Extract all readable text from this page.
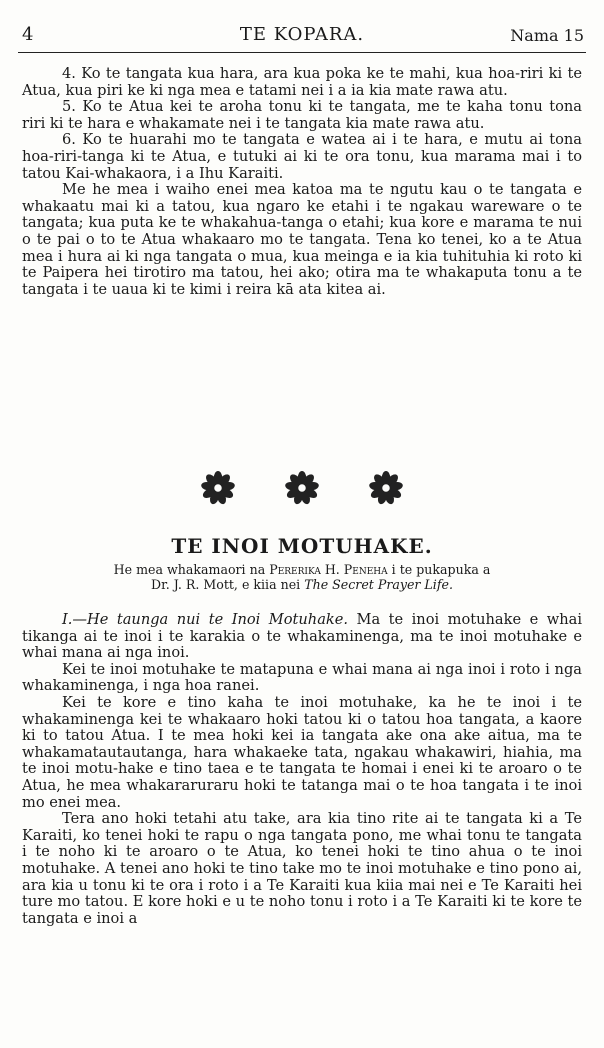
4	TE KOPARA.	Nama 15

4. Ko te tangata kua hara, ara kua poka ke te mahi, kua hoa-riri ki te Atua, kua piri ke ki nga mea e tatami nei i a ia kia mate rawa atu.

5. Ko te Atua kei te aroha tonu ki te tangata, me te kaha tonu tona riri ki te hara e whakamate nei i te tangata kia mate rawa atu.

6. Ko te huarahi mo te tangata e watea ai i te hara, e mutu ai tona hoa-riri-tanga ki te Atua, e tutuki ai ki te ora tonu, kua marama mai i to tatou Kai-whakaora, i a Ihu Karaiti.

Me he mea i waiho enei mea katoa ma te ngutu kau o te tangata e whakaatu mai ki a tatou, kua ngaro ke etahi i te ngakau wareware o te tangata; kua puta ke te whakahua-tanga o etahi; kua kore e marama te nui o te pai o to te Atua whakaaro mo te tangata. Tena ko tenei, ko a te Atua mea i hura ai ki nga tangata o mua, kua meinga e ia kia tuhituhia ki roto ki te Paipera hei tirotiro ma tatou, hei ako; otira ma te whakaputa tonu a te tangata i te uaua ki te kimi i reira kā ata kitea ai.

TE INOI MOTUHAKE.
He mea whakamaori na Pererika H. Peneha i te pukapuka a
Dr. J. R. Mott, e kiia nei The Secret Prayer Life.

I.—He taunga nui te Inoi Motuhake. Ma te inoi motuhake e whai tikanga ai te inoi i te karakia o te whakaminenga, ma te inoi motuhake e whai mana ai nga inoi.

Kei te inoi motuhake te matapuna e whai mana ai nga inoi i roto i nga whakaminenga, i nga hoa ranei.

Kei te kore e tino kaha te inoi motuhake, ka he te inoi i te whakaminenga kei te whakaaro hoki tatou ki o tatou hoa tangata, a kaore ki to tatou Atua. I te mea hoki kei ia tangata ake ona ake aitua, ma te whakamatautautanga, hara whakaeke tata, ngakau whakawiri, hiahia, ma te inoi motu-hake e tino taea e te tangata te homai i enei ki te aroaro o te Atua, he mea whakararuraru hoki te tatanga mai o te hoa tangata i te inoi mo enei mea.

Tera ano hoki tetahi atu take, ara kia tino rite ai te tangata ki a Te Karaiti, ko tenei hoki te rapu o nga tangata pono, me whai tonu te tangata i te noho ki te aroaro o te Atua, ko tenei hoki te tino ahua o te inoi motuhake. A tenei ano hoki te tino take mo te inoi motuhake e tino pono ai, ara kia u tonu ki te ora i roto i a Te Karaiti kua kiia mai nei e Te Karaiti hei ture mo tatou. E kore hoki e u te noho tonu i roto i a Te Karaiti ki te kore te tangata e inoi a
